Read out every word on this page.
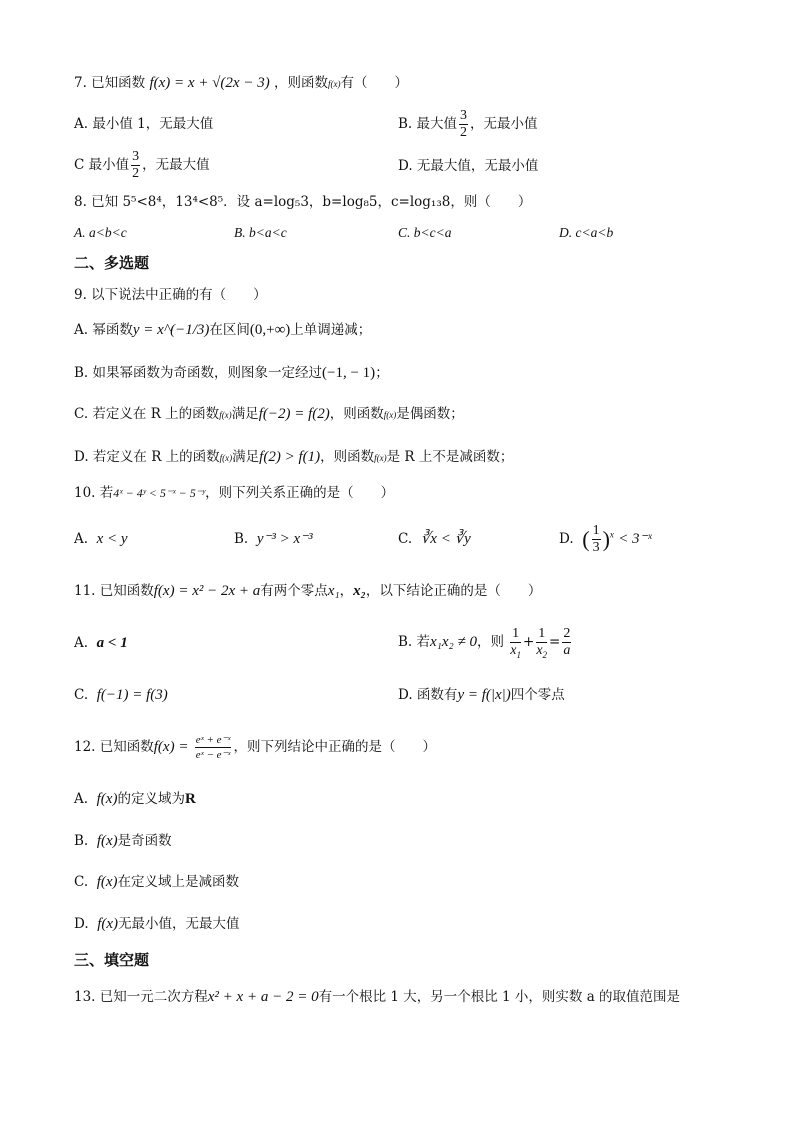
7. 已知函数 f(x) = x + √(2x − 3) ，则函数f(x)有（　　）
A. 最小值 1，无最大值	B. 最大值 $\frac{3}{2}$ ，无最小值
C 最小值 $\frac{3}{2}$ ，无最大值	D. 无最大值，无最小值
8. 已知 5⁵<8⁴，13⁴<8⁵．设 a=log₅3，b=log₈5，c=log₁₃8，则（　　）
A. a<b<c	B. b<a<c	C. b<c<a	D. c<a<b
二、多选题
9. 以下说法中正确的有（　　）
A. 幂函数y = x^(−1/3)在区间(0,+∞)上单调递减；
B. 如果幂函数为奇函数，则图象一定经过(−1, − 1)；
C. 若定义在 R 上的函数f(x)满足f(−2) = f(2)，则函数f(x)是偶函数；
D. 若定义在 R 上的函数f(x)满足f(2) > f(1)，则函数f(x)是 R 上不是减函数；
10. 若4ˣ − 4ʸ < 5⁻ˣ − 5⁻ʸ，则下列关系正确的是（　　）
A. x < y	B. y⁻³ > x⁻³	C. ∛x < ∛y	D. ( $\frac{1}{3} )^x$ < 3⁻ˣ
11. 已知函数f(x) = x² − 2x + a有两个零点x₁，x₂，以下结论正确的是（　　）
A. a < 1	B. 若x₁x₂ ≠ 0，则 $\frac{1}{x_1} + \frac{1}{x_2} = \frac{2}{a}$
C. f(−1) = f(3)	D. 函数有y = f(|x|)四个零点
12. 已知函数$f(x) = \frac{\text{eˣ + e⁻ˣ}}{\text{eˣ − e⁻ˣ}}$ ，则下列结论中正确的是（　　）
A. f(x)的定义域为R
B. f(x)是奇函数
C. f(x)在定义域上是减函数
D. f(x)无最小值，无最大值
三、填空题
13. 已知一元二次方程x² + x + a − 2 = 0有一个根比 1 大，另一个根比 1 小，则实数 a 的取值范围是
